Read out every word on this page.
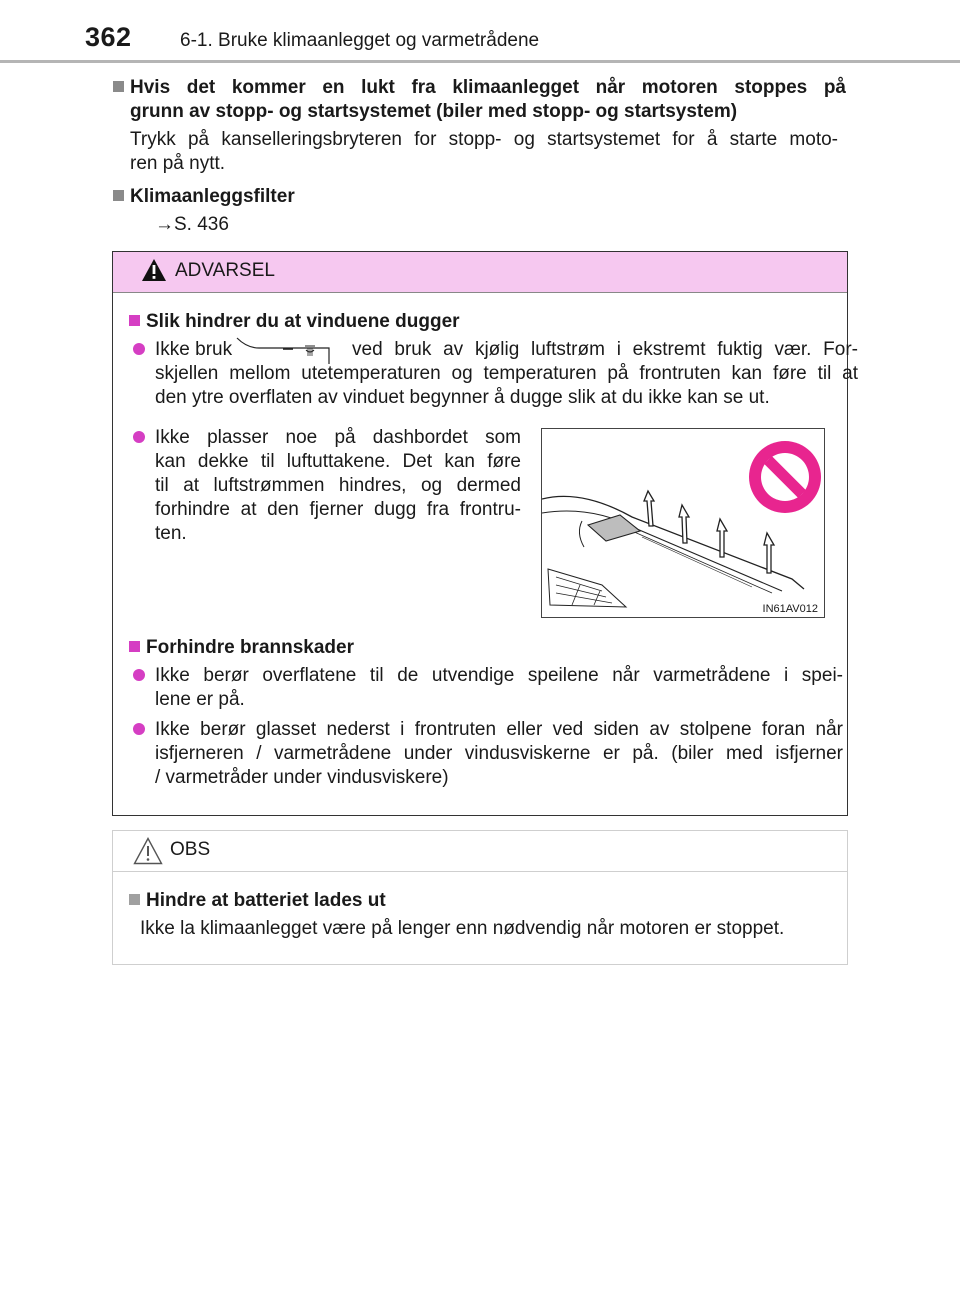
362	6-1. Bruke klimaanlegget og varmetrådene
Hvis det kommer en lukt fra klimaanlegget når motoren stoppes på
grunn av stopp- og startsystemet (biler med stopp- og startsystem)
Trykk på kanselleringsbryteren for stopp- og startsystemet for å starte moto-
ren på nytt.
Klimaanleggsfilter
→S. 436
ADVARSEL
Slik hindrer du at vinduene dugger
Ikke bruk	ved bruk av kjølig luftstrøm i ekstremt fuktig vær. For-
skjellen mellom utetemperaturen og temperaturen på frontruten kan føre til at
den ytre overflaten av vinduet begynner å dugge slik at du ikke kan se ut.
Ikke plasser noe på dashbordet som
kan dekke til luftuttakene. Det kan føre
til at luftstrømmen hindres, og dermed
forhindre at den fjerner dugg fra frontru-
ten.
IN61AV012
Forhindre brannskader
Ikke berør overflatene til de utvendige speilene når varmetrådene i spei-
lene er på.
Ikke berør glasset nederst i frontruten eller ved siden av stolpene foran når
isfjerneren / varmetrådene under vindusviskerne er på. (biler med isfjerner
/ varmetråder under vindusviskere)
OBS
Hindre at batteriet lades ut
Ikke la klimaanlegget være på lenger enn nødvendig når motoren er stoppet.
